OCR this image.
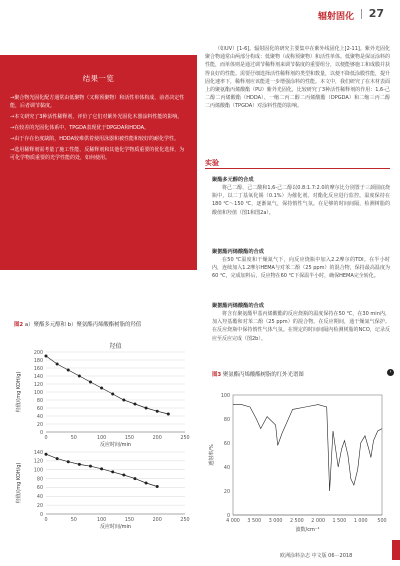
辐射固化 27
结果一览
→聚合物光固化配方通常由低聚物（又称预聚物）和活性单体构成，前者决定性能，后者调节黏度。
→本文研究了3种活性稀释剂，评价了它们对紫外光固化木器涂料性能的影响。
→在较差的光固化体系中，TPGDA表现优于DPGDA和HDDA。
→由于存在色度缺陷，HDDA较难供着使用泳器和被性能和较好的耐化学性。
→选用稀释剂需考量了施工性能、反稀释剂和其他化学物质重要的优化选择，为可化学物质重要的光学性能的处，如何使用。
（如UV）[1-6]。辐射固化的研究主要集中在紫外线固化上[2-11]。紫外光固化聚合物通常由两部分构成：低聚物（或称预聚物）和活性单体。低聚物是保证涂料的性能，而单体则是通过调节稀释剂来调节黏度的重要组分，以便能够施工和成膜并获得良好的性能。需要仔细选择活性稀释剂的类型和数量，以便不降低涂膜性能，提升固化速率下，稀释剂应该能进一步增强涂料的性能。本文中，我们研究了在木材表面上的聚氨酯丙烯酸酯（PU）紫外光固化，比较研究了3种活性稀释剂的作用：1,6-己二醇二丙烯酸酯（HDDA）、一缩二丙二醇二丙烯酸酯（DPGDA）和二缩三丙二醇二丙烯酸酯（TPGDA）对涂料性能的影响。
实验
聚酯多元醇的合成
将己二醇、己二酸和1,6-己二醇以0.8:1.7:2.0的摩尔比分别置于三颈圆底烧瓶中，以二丁基氧化锡（0.1%）为催化剂。对酯化反应进行监控。温度保持在180 ℃～150 ℃，逐渐氮气，保持惰性气氛。在足够的时间间隔，检测树脂的酸值和羟值（图1和图2a）。
聚氨酯丙烯酸酯的合成
在50 ℃温度和干燥氮气下，向反应烧瓶中加入2.2摩尔的TDI。在半小时内，连续加入1.2摩尔HEMA与对苯二酚（25 ppm）的混合物，保持最高温度为60 ℃，完成加料后，反应物在60 ℃下保温半小时，确保HEMA完全转化。
聚氨酯丙烯酸酯的合成
将含有聚氨酯甲基丙烯酸酯的反应烧瓶的温度保持在50 ℃，在30 min内，加入羟基酯和对苯二酚（25 ppm）的混合物。在反应期间，通干燥氮气保护。在反应烧瓶中保持惰性气体气氛。在规定的时间间隔内检测树脂的NCO，记录反应至反应完成（图2b）。
›
图2 a）聚酯多元醇和 b）聚氨酯丙烯酸酯树脂的羟值
图3 聚氨酯丙烯酸酯树脂的红外光谱图
羟值
0
20
40
60
80
100
120
140
160
180
200
0	50	100	150	200	250
反应时间/min
羟值/(mg KOH/g)
0
20
40
60
80
100
120
140
0	50	100	150	200	250
反应时间/min
羟值/(mg KOH/g)
0
20
40
60
80
100
4 000 3 500 3 000 2 500 2 000 1 500 1 000 500
波数/cm⁻¹
透射率/%
欧洲涂料杂志 中文版 06－2018
